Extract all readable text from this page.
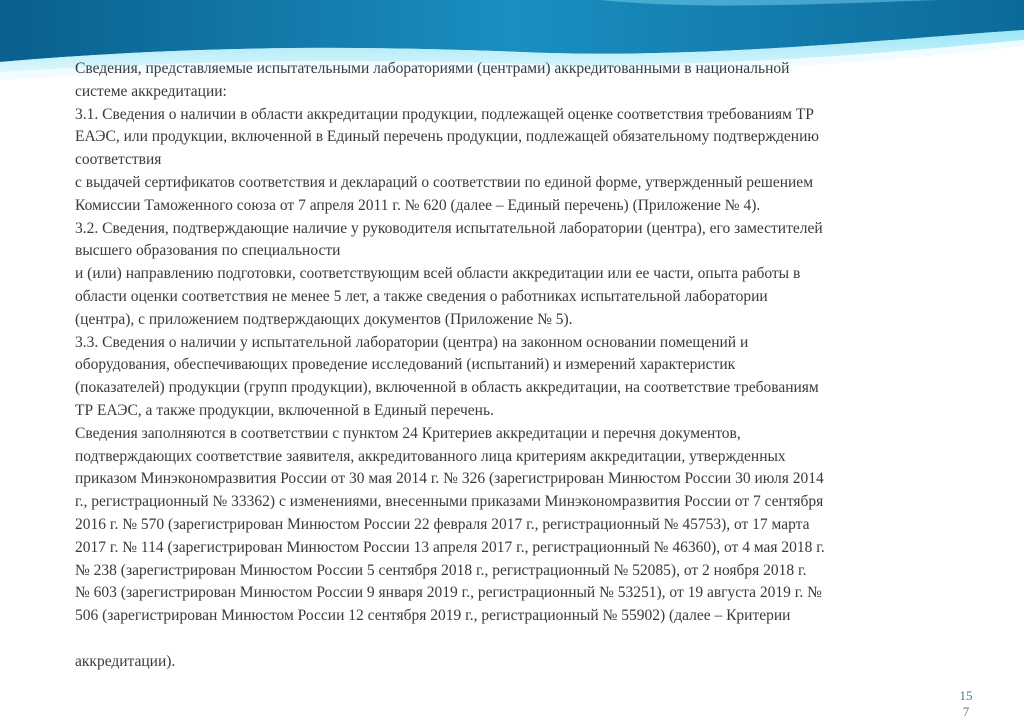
Сведения, представляемые испытательными лабораториями (центрами) аккредитованными в национальной
системе аккредитации:
3.1. Сведения о наличии в области аккредитации продукции, подлежащей оценке соответствия требованиям ТР
ЕАЭС, или продукции, включенной в Единый перечень продукции, подлежащей обязательному подтверждению
соответствия
с выдачей сертификатов соответствия и деклараций о соответствии по единой форме, утвержденный решением
Комиссии Таможенного союза от 7 апреля 2011 г. № 620 (далее – Единый перечень) (Приложение № 4).
3.2. Сведения, подтверждающие наличие у руководителя испытательной лаборатории (центра), его заместителей
высшего образования по специальности
и (или) направлению подготовки, соответствующим всей области аккредитации или ее части, опыта работы в
области оценки соответствия не менее 5 лет, а также сведения о работниках испытательной лаборатории
(центра), с приложением подтверждающих документов (Приложение № 5).
3.3. Сведения о наличии у испытательной лаборатории (центра) на законном основании помещений и
оборудования, обеспечивающих проведение исследований (испытаний) и измерений характеристик
(показателей) продукции (групп продукции), включенной в область аккредитации, на соответствие требованиям
ТР ЕАЭС, а также продукции, включенной в Единый перечень.
Сведения заполняются в соответствии с пунктом 24 Критериев аккредитации и перечня документов,
подтверждающих соответствие заявителя, аккредитованного лица критериям аккредитации, утвержденных
приказом Минэкономразвития России от 30 мая 2014 г. № 326 (зарегистрирован Минюстом России 30 июля 2014
г., регистрационный № 33362) с изменениями, внесенными приказами Минэкономразвития России от 7 сентября
2016 г. № 570 (зарегистрирован Минюстом России 22 февраля 2017 г., регистрационный № 45753), от 17 марта
2017 г. № 114 (зарегистрирован Минюстом России 13 апреля 2017 г., регистрационный № 46360), от 4 мая 2018 г.
№ 238 (зарегистрирован Минюстом России 5 сентября 2018 г., регистрационный № 52085), от 2 ноября 2018 г.
№ 603 (зарегистрирован Минюстом России 9 января 2019 г., регистрационный № 53251), от 19 августа 2019 г. №
506 (зарегистрирован Минюстом России 12 сентября 2019 г., регистрационный № 55902) (далее – Критерии
аккредитации).
15
7
